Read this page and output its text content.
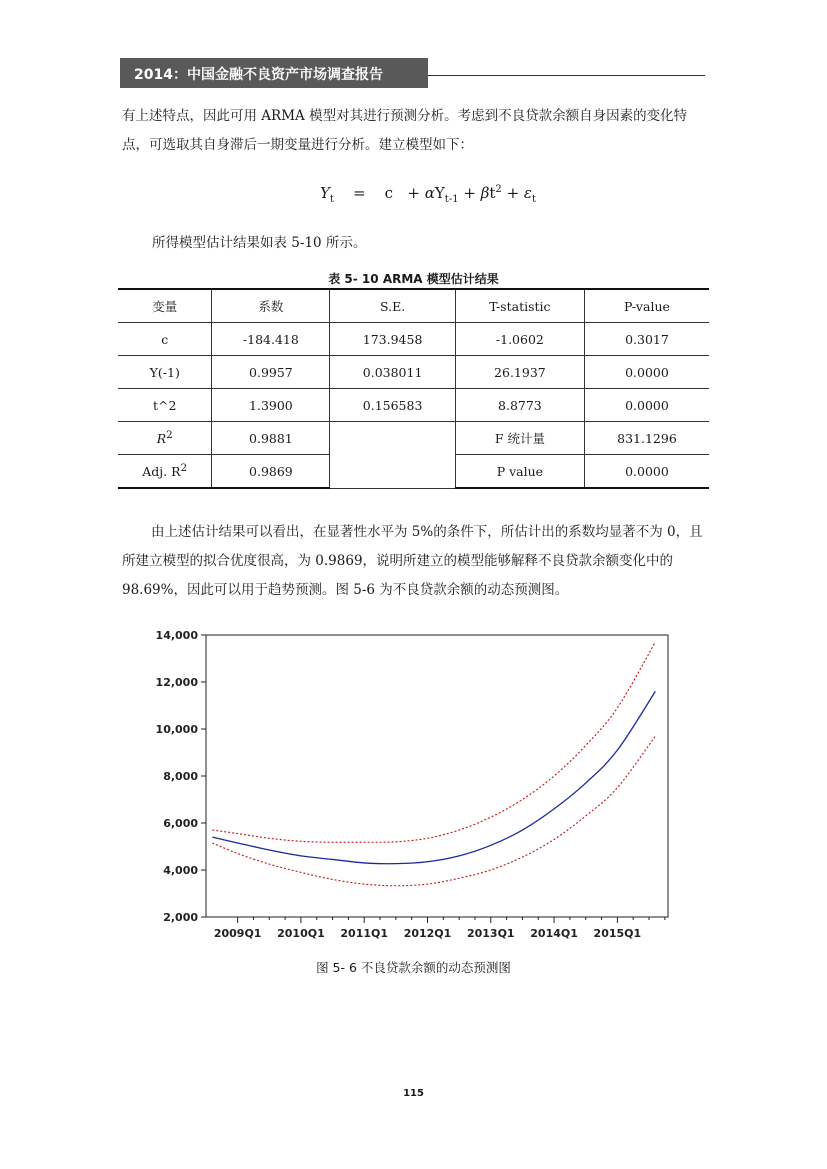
2014：中国金融不良资产市场调查报告
有上述特点，因此可用 ARMA 模型对其进行预测分析。考虑到不良贷款余额自身因素的变化特点，可选取其自身滞后一期变量进行分析。建立模型如下：
$Y_t = c + \alpha Y_{t-1} + \beta t^2 + \varepsilon_t$
所得模型估计结果如表 5-10 所示。
表 5- 10 ARMA 模型估计结果
变量	系数	S.E.	T-statistic	P-value
c	-184.418	173.9458	-1.0602	0.3017
Y(-1)	0.9957	0.038011	26.1937	0.0000
t^2	1.3900	0.156583	8.8773	0.0000
$R^2$	0.9881		F 统计量	831.1296
Adj. $R^2$	0.9869		P value	0.0000
由上述估计结果可以看出，在显著性水平为 5%的条件下，所估计出的系数均显著不为 0，且所建立模型的拟合优度很高，为 0.9869，说明所建立的模型能够解释不良贷款余额变化中的 98.69%，因此可以用于趋势预测。图 5-6 为不良贷款余额的动态预测图。
2,000
4,000
6,000
8,000
10,000
12,000
14,000
2009Q1 2010Q1 2011Q1 2012Q1 2013Q1 2014Q1 2015Q1
图 5- 6 不良贷款余额的动态预测图
115
